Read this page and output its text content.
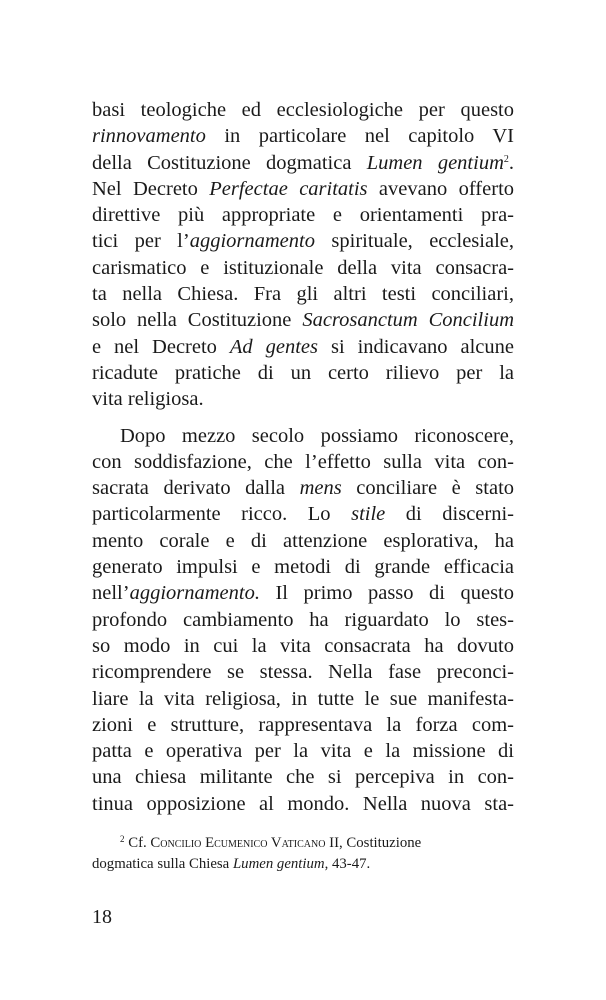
basi teologiche ed ecclesiologiche per questo
rinnovamento in particolare nel capitolo VI
della Costituzione dogmatica Lumen gentium$^2$.
Nel Decreto Perfectae caritatis avevano offerto
direttive più appropriate e orientamenti pra-
tici per l’aggiornamento spirituale, ecclesiale,
carismatico e istituzionale della vita consacra-
ta nella Chiesa. Fra gli altri testi conciliari,
solo nella Costituzione Sacrosanctum Concilium
e nel Decreto Ad gentes si indicavano alcune
ricadute pratiche di un certo rilievo per la
vita religiosa.

Dopo mezzo secolo possiamo riconoscere,
con soddisfazione, che l’effetto sulla vita con-
sacrata derivato dalla mens conciliare è stato
particolarmente ricco. Lo stile di discerni-
mento corale e di attenzione esplorativa, ha
generato impulsi e metodi di grande efficacia
nell’aggiornamento. Il primo passo di questo
profondo cambiamento ha riguardato lo stes-
so modo in cui la vita consacrata ha dovuto
ricomprendere se stessa. Nella fase preconci-
liare la vita religiosa, in tutte le sue manifesta-
zioni e strutture, rappresentava la forza com-
patta e operativa per la vita e la missione di
una chiesa militante che si percepiva in con-
tinua opposizione al mondo. Nella nuova sta-

$^2$ Cf. Concilio Ecumenico Vaticano II, Costituzione
dogmatica sulla Chiesa Lumen gentium, 43-47.
18
